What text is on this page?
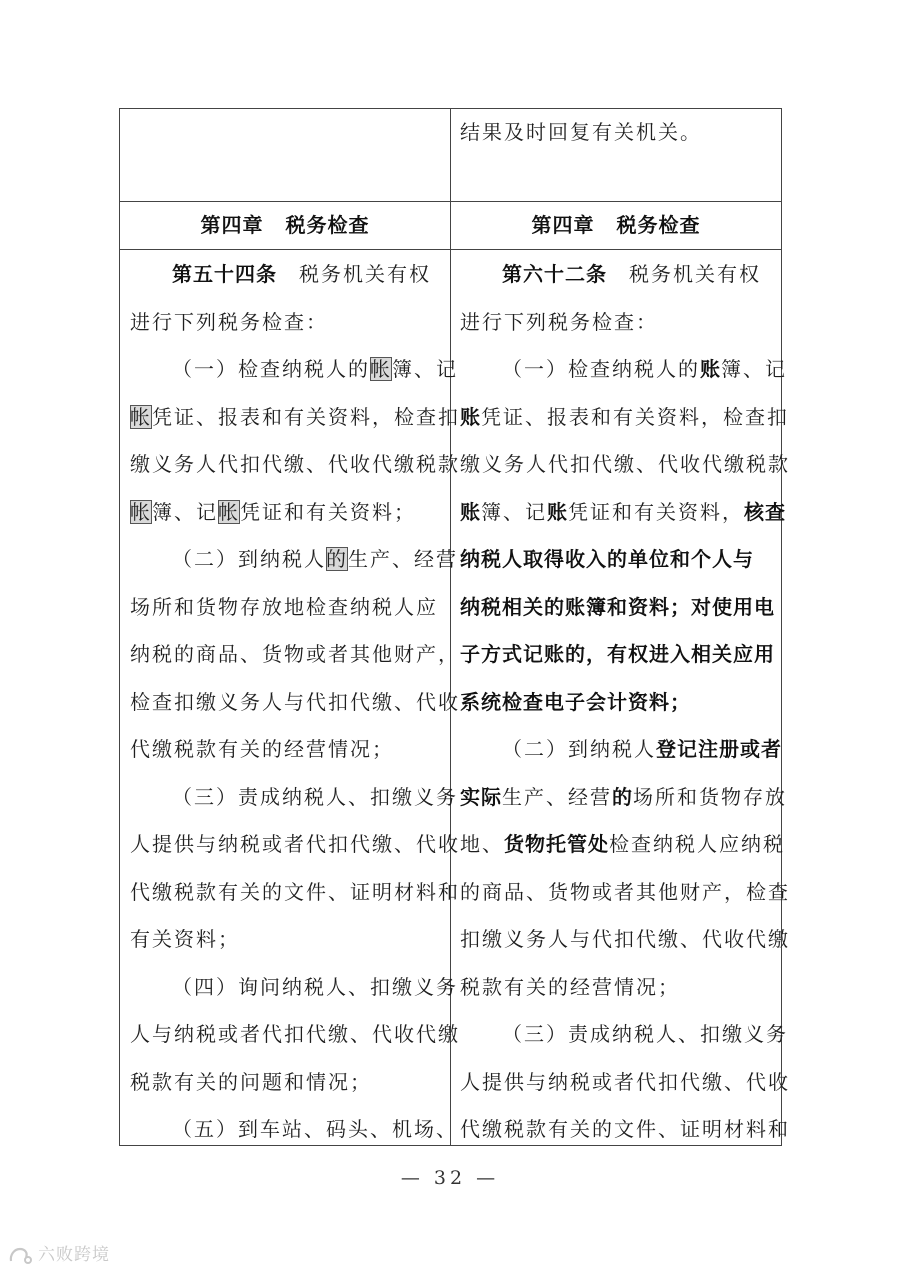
结果及时回复有关机关。
第四章 税务检查	第四章 税务检查
第五十四条　 税务机关有权
进行下列税务检查：
（一）检查纳税人的帐簿、记
帐凭证、报表和有关资料，检查扣
缴义务人代扣代缴、代收代缴税款
帐簿、记帐凭证和有关资料；
（二）到纳税人的生产、经营
场所和货物存放地检查纳税人应
纳税的商品、货物或者其他财产，
检查扣缴义务人与代扣代缴、代收
代缴税款有关的经营情况；
（三）责成纳税人、扣缴义务
人提供与纳税或者代扣代缴、代收
代缴税款有关的文件、证明材料和
有关资料；
（四）询问纳税人、扣缴义务
人与纳税或者代扣代缴、代收代缴
税款有关的问题和情况；
（五）到车站、码头、机场、
第六十二条　 税务机关有权
进行下列税务检查：
（一）检查纳税人的账簿、记
账凭证、报表和有关资料，检查扣
缴义务人代扣代缴、代收代缴税款
账簿、记账凭证和有关资料，核查
纳税人取得收入的单位和个人与
纳税相关的账簿和资料；对使用电
子方式记账的，有权进入相关应用
系统检查电子会计资料；
（二）到纳税人登记注册或者
实际生产、经营的场所和货物存放
地、货物托管处检查纳税人应纳税
的商品、货物或者其他财产，检查
扣缴义务人与代扣代缴、代收代缴
税款有关的经营情况；
（三）责成纳税人、扣缴义务
人提供与纳税或者代扣代缴、代收
代缴税款有关的文件、证明材料和
— 32 —
六败跨境
